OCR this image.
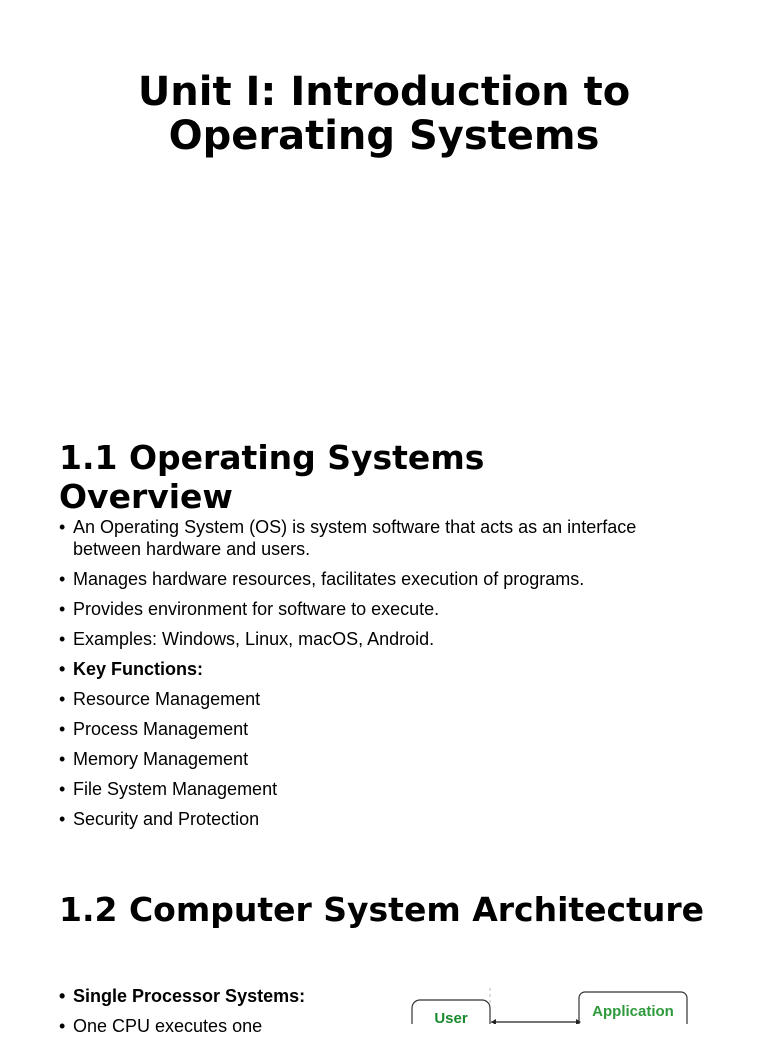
Unit I: Introduction to
Operating Systems
1.1 Operating Systems
Overview
• An Operating System (OS) is system software that acts as an interface
between hardware and users.
• Manages hardware resources, facilitates execution of programs.
• Provides environment for software to execute.
• Examples: Windows, Linux, macOS, Android.
• Key Functions:
• Resource Management
• Process Management
• Memory Management
• File System Management
• Security and Protection
1.2 Computer System Architecture
• Single Processor Systems:
• One CPU executes one	User	Application
